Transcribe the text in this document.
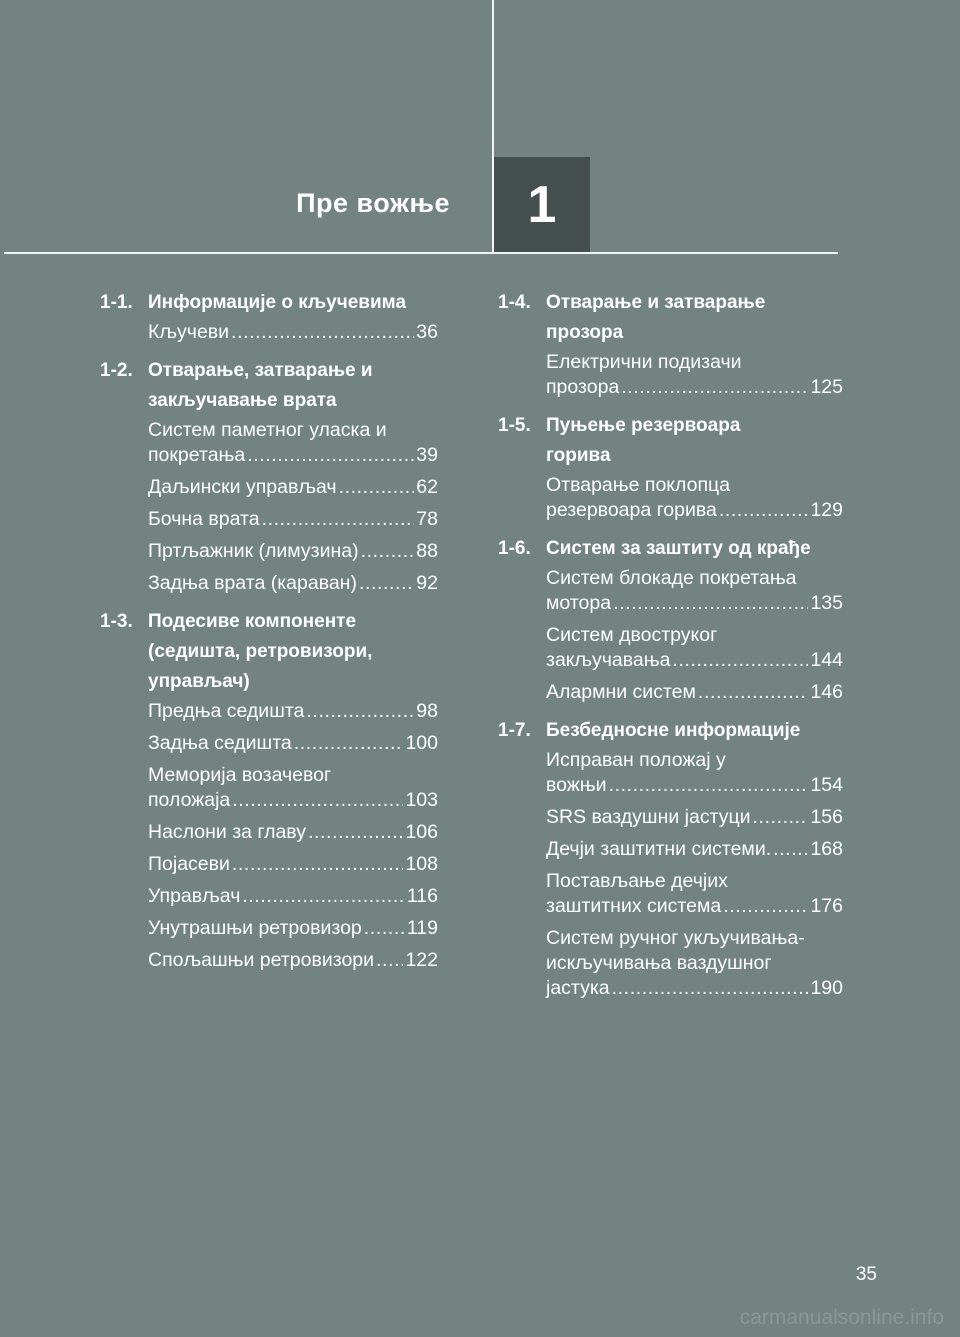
Пре вожње 1
1-1. Информације о кључевима
Кључеви .....	36
1-2. Отварање, затварање и
закључавање врата
Систем паметног уласка и
покретања .....	39
Даљински управљач .....	62
Бочна врата .....	78
Пртљажник (лимузина) .....	88
Задња врата (караван) .....	92
1-3. Подесиве компоненте
(седишта, ретровизори,
управљач)
Предња седишта .....	98
Задња седишта .....	100
Меморија возачевог
положаја .....	103
Наслони за главу .....	106
Појасеви .....	108
Управљач .....	116
Унутрашњи ретровизор ..... 119
Спољашњи ретровизори ..... 122
1-4. Отварање и затварање
прозора
Електрични подизачи
прозора .....	125
1-5. Пуњење резервоара
горива
Отварање поклопца
резервоара горива .....	129
1-6. Систем за заштиту од крађе
Систем блокаде покретања
мотора .....	135
Систем двоструког
закључавања .....	144
Алармни систем .....	146
1-7. Безбедносне информације
Исправан положај у
вожњи .....	154
SRS ваздушни јастуци .....	156
Дечји заштитни системи. ..... 168
Постављање дечјих
заштитних система .....	176
Систем ручног укључивања-
искључивања ваздушног
јастука .....	190
35
carmanualsonline.info
